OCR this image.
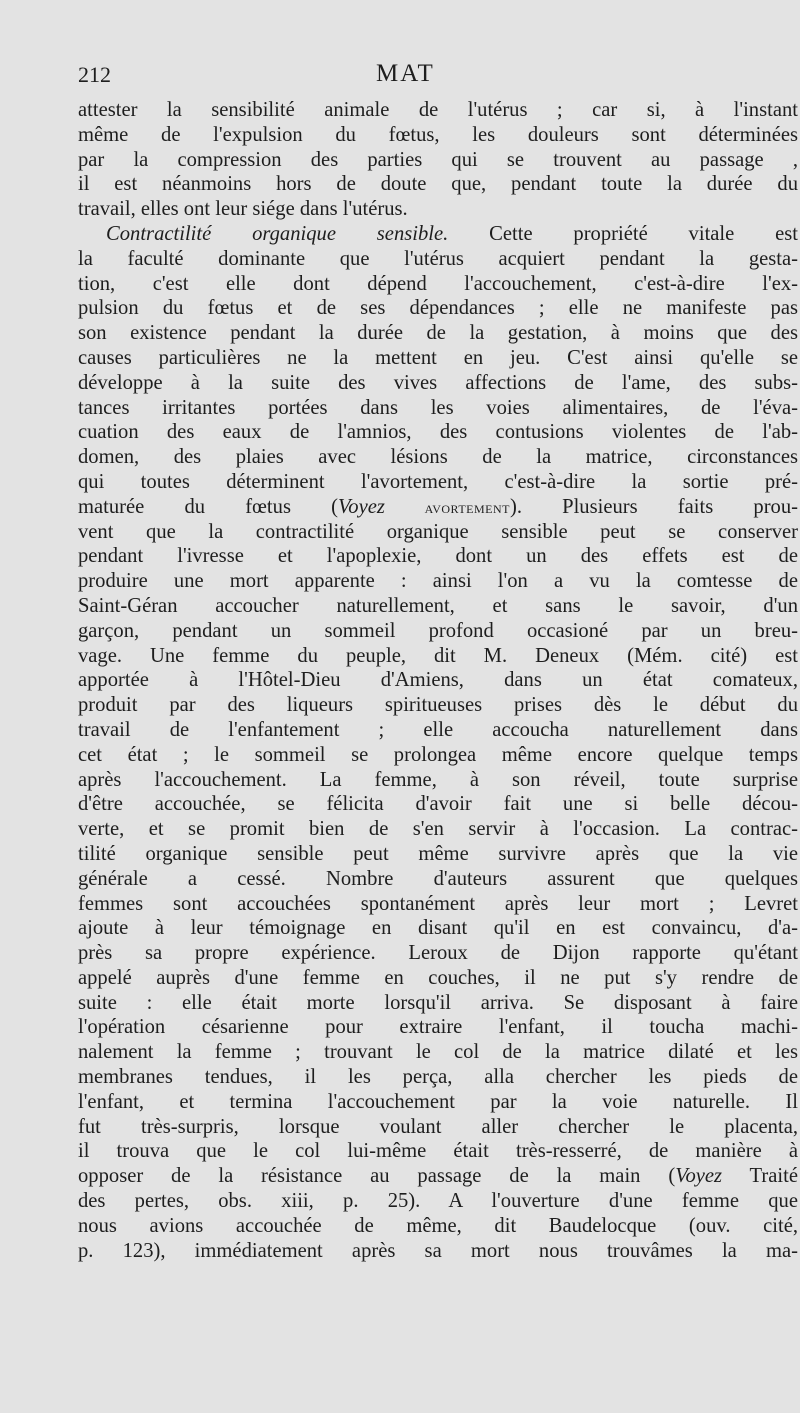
212	MAT
attester la sensibilité animale de l'utérus ; car si, à l'instant
même de l'expulsion du fœtus, les douleurs sont déterminées
par la compression des parties qui se trouvent au passage ,
il est néanmoins hors de doute que, pendant toute la durée du
travail, elles ont leur siége dans l'utérus.
Contractilité organique sensible. Cette propriété vitale est
la faculté dominante que l'utérus acquiert pendant la gesta-
tion, c'est elle dont dépend l'accouchement, c'est-à-dire l'ex-
pulsion du fœtus et de ses dépendances ; elle ne manifeste pas
son existence pendant la durée de la gestation, à moins que des
causes particulières ne la mettent en jeu. C'est ainsi qu'elle se
développe à la suite des vives affections de l'ame, des subs-
tances irritantes portées dans les voies alimentaires, de l'éva-
cuation des eaux de l'amnios, des contusions violentes de l'ab-
domen, des plaies avec lésions de la matrice, circonstances
qui toutes déterminent l'avortement, c'est-à-dire la sortie pré-
maturée du fœtus (Voyez avortement). Plusieurs faits prou-
vent que la contractilité organique sensible peut se conserver
pendant l'ivresse et l'apoplexie, dont un des effets est de
produire une mort apparente : ainsi l'on a vu la comtesse de
Saint-Géran accoucher naturellement, et sans le savoir, d'un
garçon, pendant un sommeil profond occasioné par un breu-
vage. Une femme du peuple, dit M. Deneux (Mém. cité) est
apportée à l'Hôtel-Dieu d'Amiens, dans un état comateux,
produit par des liqueurs spiritueuses prises dès le début du
travail de l'enfantement ; elle accoucha naturellement dans
cet état ; le sommeil se prolongea même encore quelque temps
après l'accouchement. La femme, à son réveil, toute surprise
d'être accouchée, se félicita d'avoir fait une si belle décou-
verte, et se promit bien de s'en servir à l'occasion. La contrac-
tilité organique sensible peut même survivre après que la vie
générale a cessé. Nombre d'auteurs assurent que quelques
femmes sont accouchées spontanément après leur mort ; Levret
ajoute à leur témoignage en disant qu'il en est convaincu, d'a-
près sa propre expérience. Leroux de Dijon rapporte qu'étant
appelé auprès d'une femme en couches, il ne put s'y rendre de
suite : elle était morte lorsqu'il arriva. Se disposant à faire
l'opération césarienne pour extraire l'enfant, il toucha machi-
nalement la femme ; trouvant le col de la matrice dilaté et les
membranes tendues, il les perça, alla chercher les pieds de
l'enfant, et termina l'accouchement par la voie naturelle. Il
fut très-surpris, lorsque voulant aller chercher le placenta,
il trouva que le col lui-même était très-resserré, de manière à
opposer de la résistance au passage de la main (Voyez Traité
des pertes, obs. xiii, p. 25). A l'ouverture d'une femme que
nous avions accouchée de même, dit Baudelocque (ouv. cité,
p. 123), immédiatement après sa mort nous trouvâmes la ma-
